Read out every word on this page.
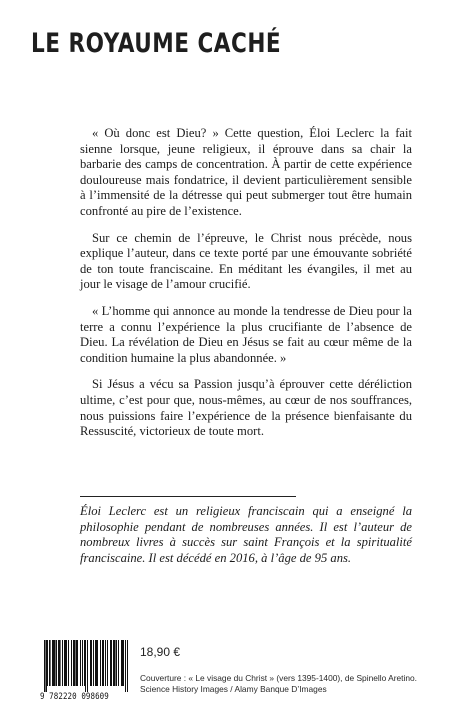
LE ROYAUME CACHÉ

« Où donc est Dieu? » Cette question, Éloi Leclerc la fait sienne lorsque, jeune religieux, il éprouve dans sa chair la barbarie des camps de concentration. À partir de cette expérience douloureuse mais fondatrice, il devient particulièrement sensible à l’immensité de la détresse qui peut submerger tout être humain confronté au pire de l’existence.

Sur ce chemin de l’épreuve, le Christ nous précède, nous explique l’auteur, dans ce texte porté par une émouvante sobriété de ton toute franciscaine. En méditant les évangiles, il met au jour le visage de l’amour crucifié.

« L’homme qui annonce au monde la tendresse de Dieu pour la terre a connu l’expérience la plus crucifiante de l’absence de Dieu. La révélation de Dieu en Jésus se fait au cœur même de la condition humaine la plus abandonnée. »

Si Jésus a vécu sa Passion jusqu’à éprouver cette déréliction ultime, c’est pour que, nous-mêmes, au cœur de nos souffrances, nous puissions faire l’expérience de la présence bienfaisante du Ressuscité, victorieux de toute mort.

Éloi Leclerc est un religieux franciscain qui a enseigné la philosophie pendant de nombreuses années. Il est l’auteur de nombreux livres à succès sur saint François et la spiritualité franciscaine. Il est décédé en 2016, à l’âge de 95 ans.
9 782220 098609
18,90 €
Couverture : « Le visage du Christ » (vers 1395-1400), de Spinello Aretino.
Science History Images / Alamy Banque D’Images
